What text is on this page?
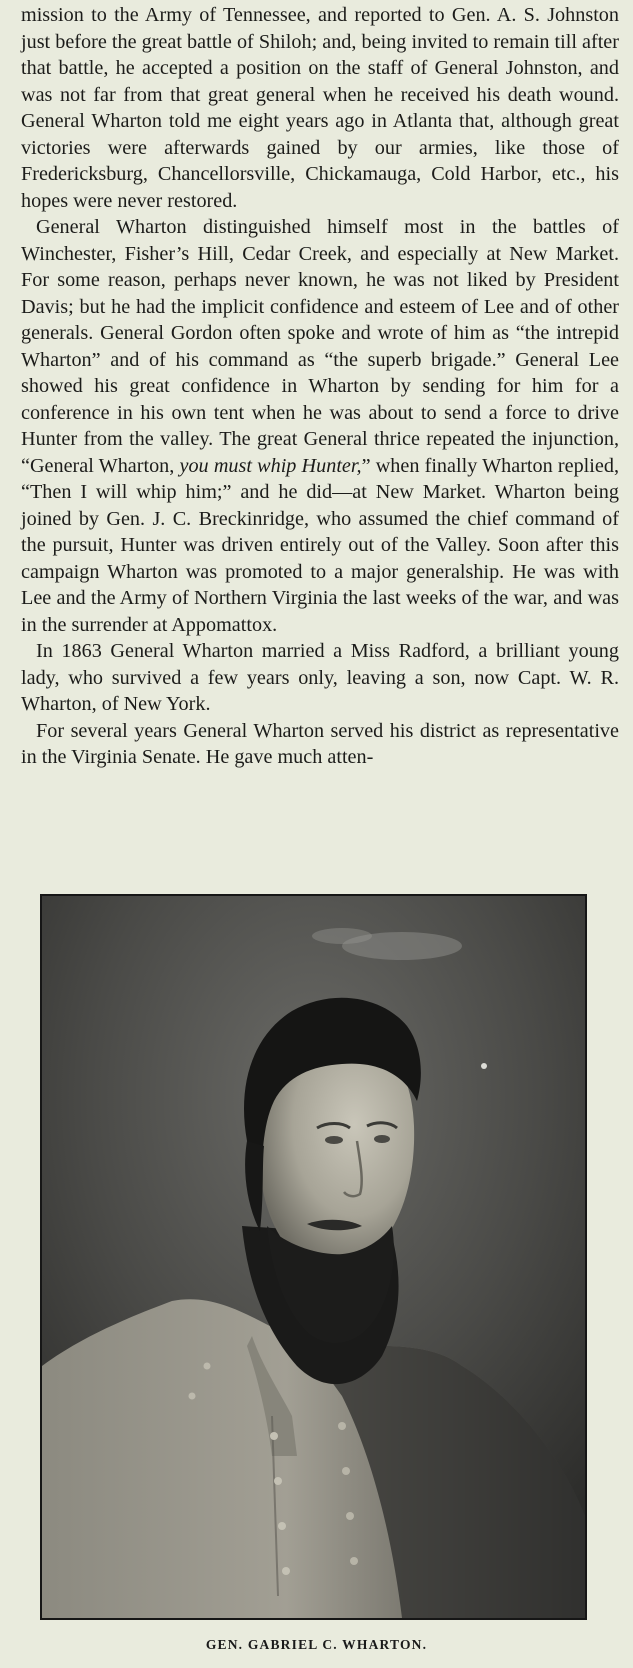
mission to the Army of Tennessee, and reported to Gen. A. S. Johnston just before the great battle of Shiloh; and, being invited to remain till after that battle, he accepted a position on the staff of General Johnston, and was not far from that great general when he received his death wound. General Wharton told me eight years ago in Atlanta that, although great victories were afterwards gained by our armies, like those of Fredericksburg, Chancellorsville, Chickamauga, Cold Harbor, etc., his hopes were never restored.

General Wharton distinguished himself most in the battles of Winchester, Fisher’s Hill, Cedar Creek, and especially at New Market. For some reason, perhaps never known, he was not liked by President Davis; but he had the implicit confidence and esteem of Lee and of other generals. General Gordon often spoke and wrote of him as “the intrepid Wharton” and of his command as “the superb brigade.” General Lee showed his great confidence in Wharton by sending for him for a conference in his own tent when he was about to send a force to drive Hunter from the valley. The great General thrice repeated the injunction, “General Wharton, you must whip Hunter,” when finally Wharton replied, “Then I will whip him;” and he did—at New Market. Wharton being joined by Gen. J. C. Breckinridge, who assumed the chief command of the pursuit, Hunter was driven entirely out of the Valley. Soon after this campaign Wharton was promoted to a major generalship. He was with Lee and the Army of Northern Virginia the last weeks of the war, and was in the surrender at Appomattox.

In 1863 General Wharton married a Miss Radford, a brilliant young lady, who survived a few years only, leaving a son, now Capt. W. R. Wharton, of New York.

For several years General Wharton served his district as representative in the Virginia Senate. He gave much atten-

GEN. GABRIEL C. WHARTON.
